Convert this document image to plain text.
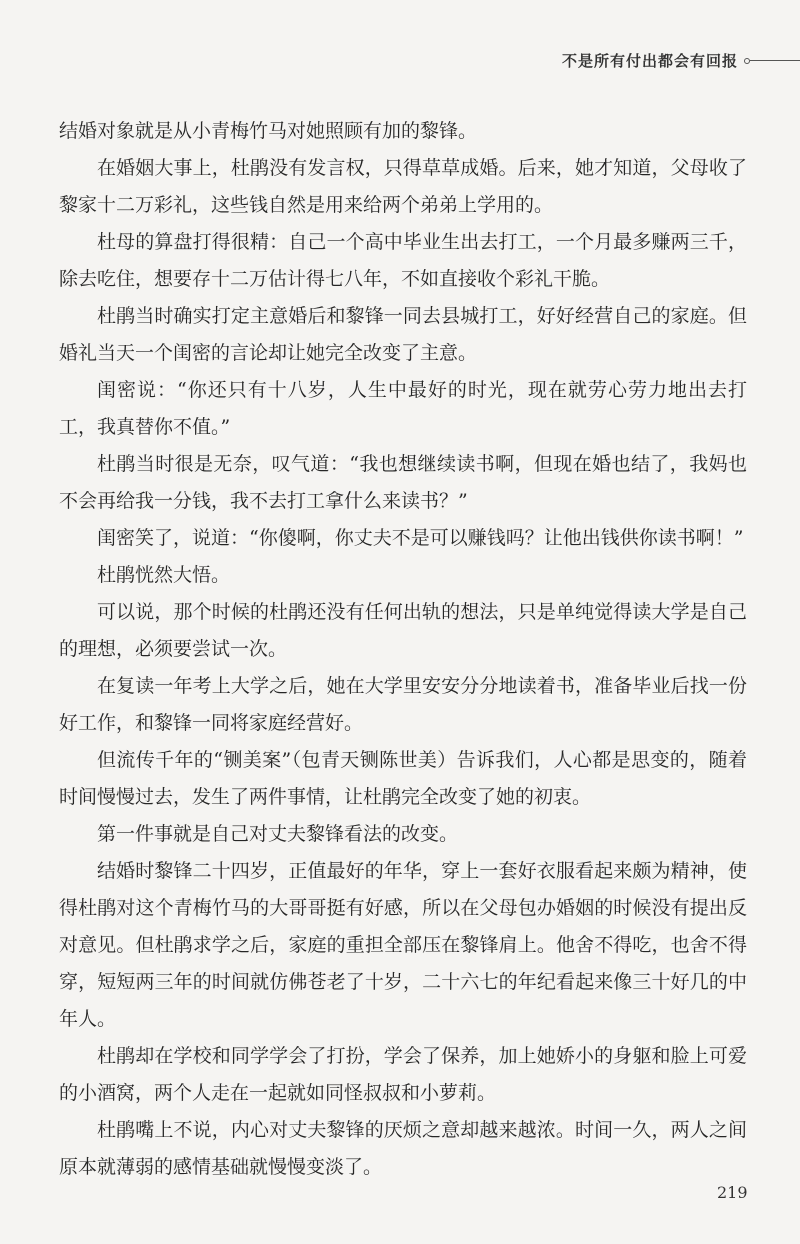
不是所有付出都会有回报

结婚对象就是从小青梅竹马对她照顾有加的黎锋。

在婚姻大事上，杜鹃没有发言权，只得草草成婚。后来，她才知道，父母收了黎家十二万彩礼，这些钱自然是用来给两个弟弟上学用的。

杜母的算盘打得很精：自己一个高中毕业生出去打工，一个月最多赚两三千，除去吃住，想要存十二万估计得七八年，不如直接收个彩礼干脆。

杜鹃当时确实打定主意婚后和黎锋一同去县城打工，好好经营自己的家庭。但婚礼当天一个闺密的言论却让她完全改变了主意。

闺密说：“你还只有十八岁，人生中最好的时光，现在就劳心劳力地出去打工，我真替你不值。”

杜鹃当时很是无奈，叹气道：“我也想继续读书啊，但现在婚也结了，我妈也不会再给我一分钱，我不去打工拿什么来读书？”

闺密笑了，说道：“你傻啊，你丈夫不是可以赚钱吗？让他出钱供你读书啊！”

杜鹃恍然大悟。

可以说，那个时候的杜鹃还没有任何出轨的想法，只是单纯觉得读大学是自己的理想，必须要尝试一次。

在复读一年考上大学之后，她在大学里安安分分地读着书，准备毕业后找一份好工作，和黎锋一同将家庭经营好。

但流传千年的“铡美案”（包青天铡陈世美）告诉我们，人心都是思变的，随着时间慢慢过去，发生了两件事情，让杜鹃完全改变了她的初衷。

第一件事就是自己对丈夫黎锋看法的改变。

结婚时黎锋二十四岁，正值最好的年华，穿上一套好衣服看起来颇为精神，使得杜鹃对这个青梅竹马的大哥哥挺有好感，所以在父母包办婚姻的时候没有提出反对意见。但杜鹃求学之后，家庭的重担全部压在黎锋肩上。他舍不得吃，也舍不得穿，短短两三年的时间就仿佛苍老了十岁，二十六七的年纪看起来像三十好几的中年人。

杜鹃却在学校和同学学会了打扮，学会了保养，加上她娇小的身躯和脸上可爱的小酒窝，两个人走在一起就如同怪叔叔和小萝莉。

杜鹃嘴上不说，内心对丈夫黎锋的厌烦之意却越来越浓。时间一久，两人之间原本就薄弱的感情基础就慢慢变淡了。

219
